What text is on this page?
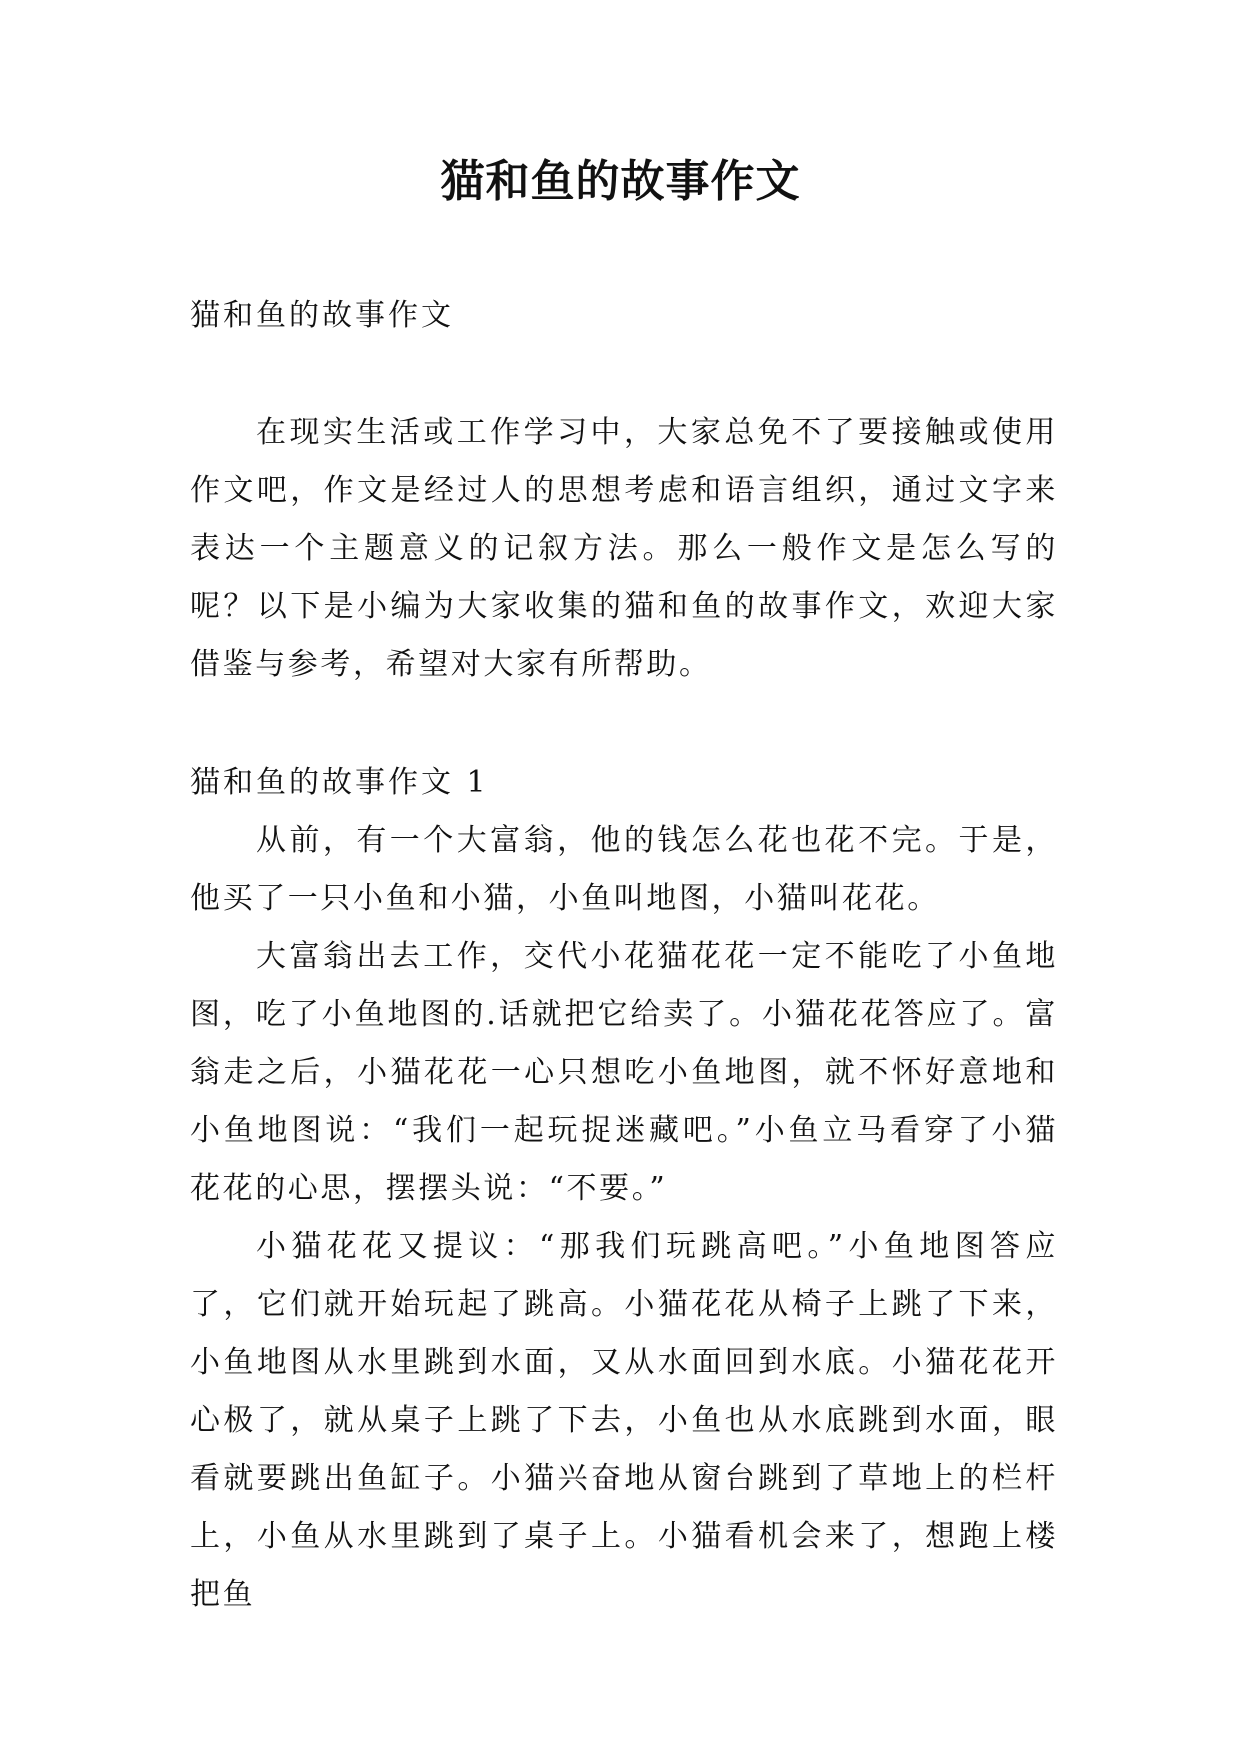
猫和鱼的故事作文
猫和鱼的故事作文

在现实生活或工作学习中，大家总免不了要接触或使用作文吧，作文是经过人的思想考虑和语言组织，通过文字来表达一个主题意义的记叙方法。那么一般作文是怎么写的呢？以下是小编为大家收集的猫和鱼的故事作文，欢迎大家借鉴与参考，希望对大家有所帮助。

猫和鱼的故事作文 1

从前，有一个大富翁，他的钱怎么花也花不完。于是，他买了一只小鱼和小猫，小鱼叫地图，小猫叫花花。

大富翁出去工作，交代小花猫花花一定不能吃了小鱼地图，吃了小鱼地图的.话就把它给卖了。小猫花花答应了。富翁走之后，小猫花花一心只想吃小鱼地图，就不怀好意地和小鱼地图说：“我们一起玩捉迷藏吧。”小鱼立马看穿了小猫花花的心思，摆摆头说：“不要。”

小猫花花又提议：“那我们玩跳高吧。”小鱼地图答应了，它们就开始玩起了跳高。小猫花花从椅子上跳了下来，小鱼地图从水里跳到水面，又从水面回到水底。小猫花花开心极了，就从桌子上跳了下去，小鱼也从水底跳到水面，眼看就要跳出鱼缸子。小猫兴奋地从窗台跳到了草地上的栏杆上，小鱼从水里跳到了桌子上。小猫看机会来了，想跑上楼把鱼
